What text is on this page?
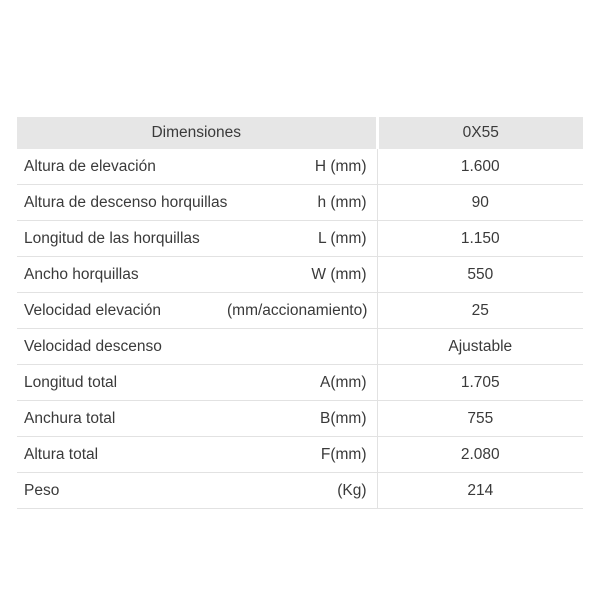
Dimensiones		0X55
Altura de elevación	H (mm)	1.600
Altura de descenso horquillas	h (mm)	90
Longitud de las horquillas	L (mm)	1.150
Ancho horquillas	W (mm)	550
Velocidad elevación	(mm/accionamiento)	25
Velocidad descenso		Ajustable
Longitud total	A(mm)	1.705
Anchura total	B(mm)	755
Altura total	F(mm)	2.080
Peso	(Kg)	214
